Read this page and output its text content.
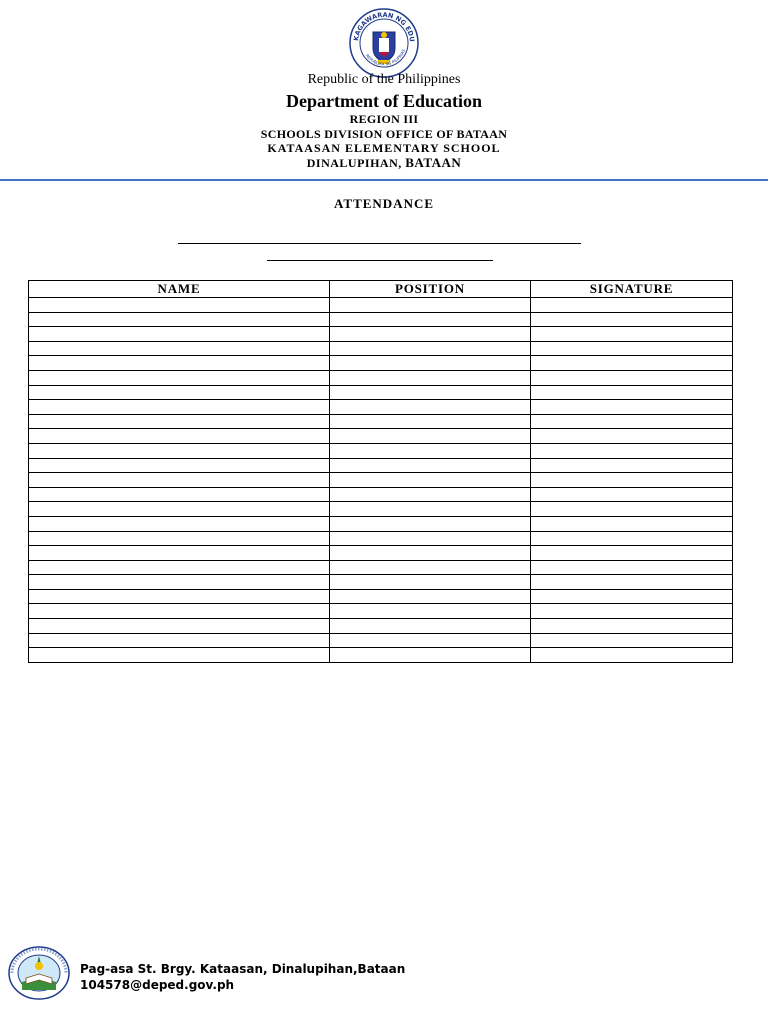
KAGAWARAN NG EDU
REPUBLIKA NG PILIPINAS
Republic of the Philippines
Department of Education
REGION III
SCHOOLS DIVISION OFFICE OF BATAAN
KATAASAN ELEMENTARY SCHOOL
DINALUPIHAN, BATAAN
ATTENDANCE
NAME	POSITION	SIGNATURE

Pag-asa St. Brgy. Kataasan, Dinalupihan,Bataan
104578@deped.gov.ph
